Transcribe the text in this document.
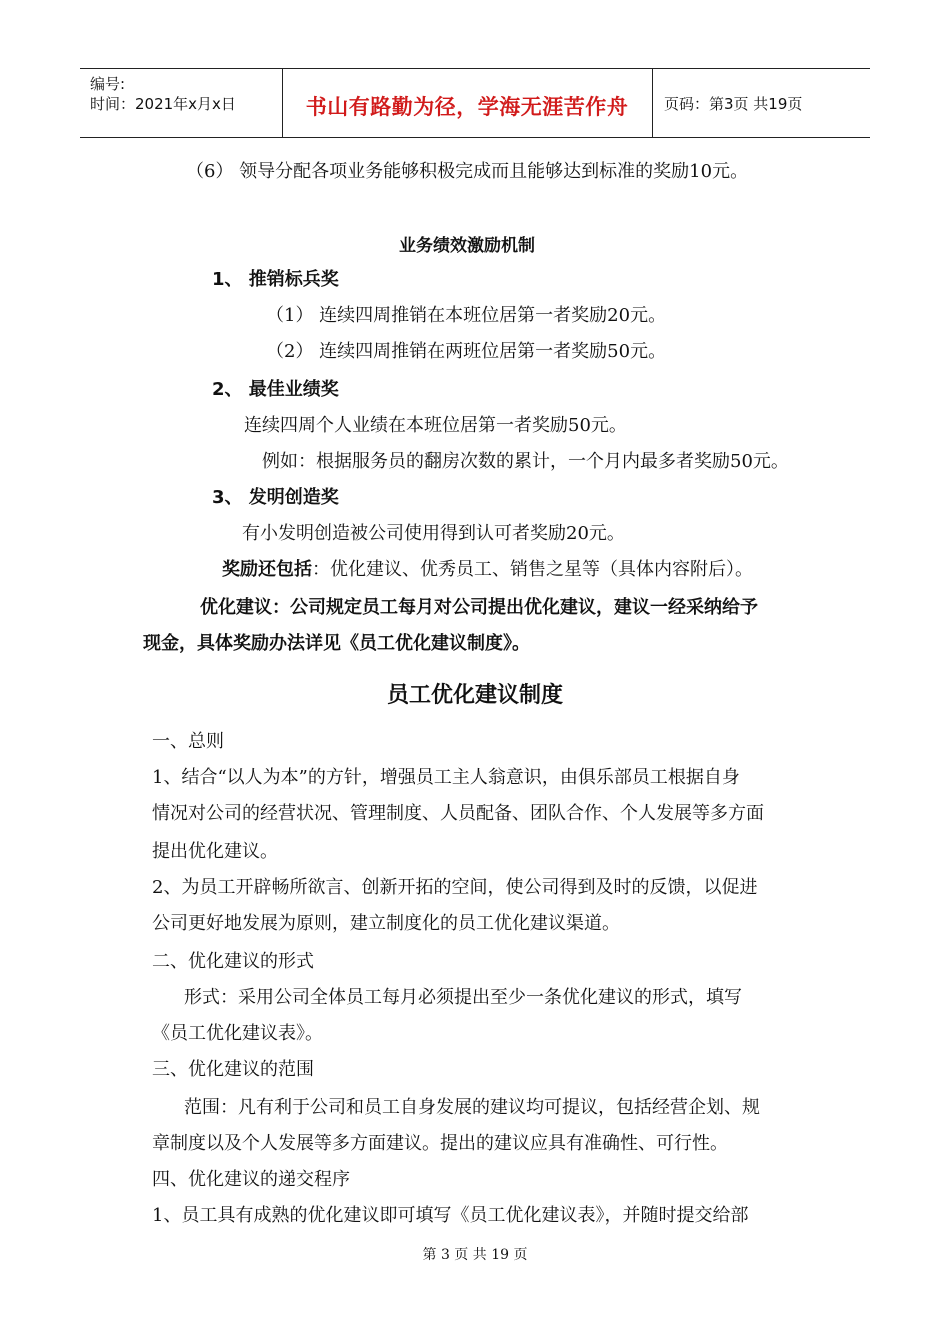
编号:
时间：2021年x月x日	书山有路勤为径，学海无涯苦作舟	页码：第3页 共19页
（6） 领导分配各项业务能够积极完成而且能够达到标准的奖励10元。
业务绩效激励机制
1、 推销标兵奖
（1） 连续四周推销在本班位居第一者奖励20元。
（2） 连续四周推销在两班位居第一者奖励50元。
2、 最佳业绩奖
连续四周个人业绩在本班位居第一者奖励50元。
例如：根据服务员的翻房次数的累计，一个月内最多者奖励50元。
3、 发明创造奖
有小发明创造被公司使用得到认可者奖励20元。
奖励还包括：优化建议、优秀员工、销售之星等（具体内容附后）。
优化建议：公司规定员工每月对公司提出优化建议，建议一经采纳给予
现金，具体奖励办法详见《员工优化建议制度》。
员工优化建议制度
一、总则
1、结合“以人为本”的方针，增强员工主人翁意识，由俱乐部员工根据自身
情况对公司的经营状况、管理制度、人员配备、团队合作、个人发展等多方面
提出优化建议。
2、为员工开辟畅所欲言、创新开拓的空间，使公司得到及时的反馈，以促进
公司更好地发展为原则，建立制度化的员工优化建议渠道。
二、优化建议的形式
形式：采用公司全体员工每月必须提出至少一条优化建议的形式，填写
《员工优化建议表》。
三、优化建议的范围
范围：凡有利于公司和员工自身发展的建议均可提议，包括经营企划、规
章制度以及个人发展等多方面建议。提出的建议应具有准确性、可行性。
四、优化建议的递交程序
1、员工具有成熟的优化建议即可填写《员工优化建议表》，并随时提交给部
第 3 页 共 19 页
